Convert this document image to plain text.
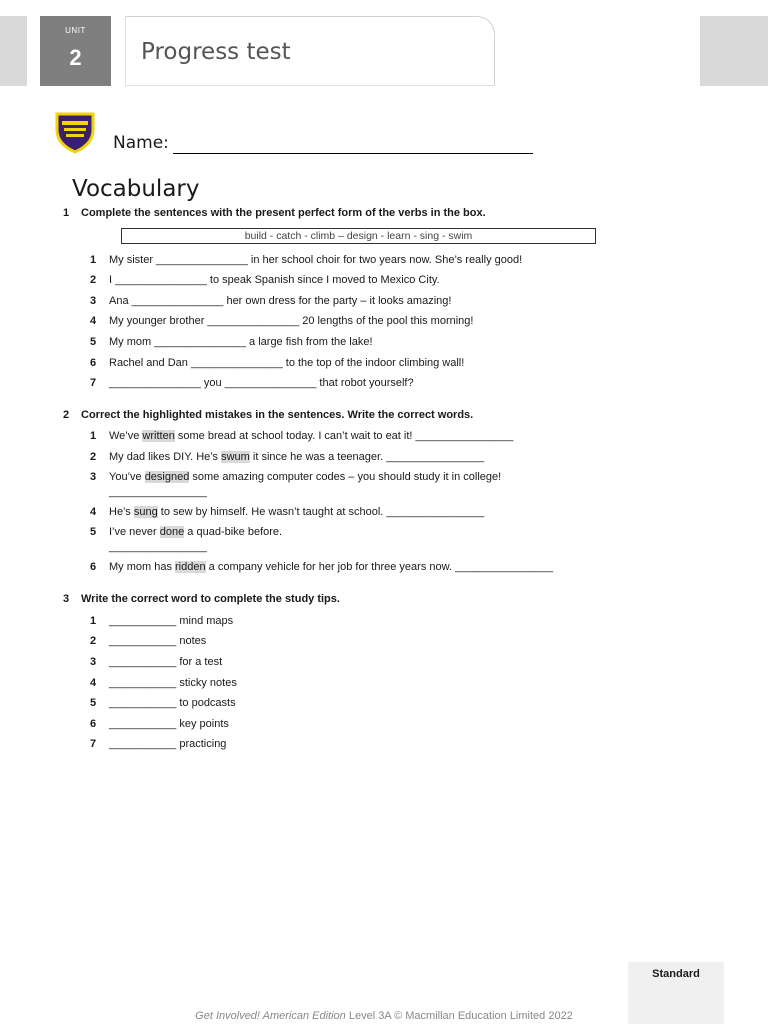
UNIT
2	Progress test
Name:
Vocabulary
1 Complete the sentences with the present perfect form of the verbs in the box.
build - catch - climb – design - learn - sing - swim
1 My sister _______________ in her school choir for two years now. She’s really good!
2 I _______________ to speak Spanish since I moved to Mexico City.
3 Ana _______________ her own dress for the party – it looks amazing!
4 My younger brother _______________ 20 lengths of the pool this morning!
5 My mom _______________ a large fish from the lake!
6 Rachel and Dan _______________ to the top of the indoor climbing wall!
7 _______________ you _______________ that robot yourself?
2 Correct the highlighted mistakes in the sentences. Write the correct words.
1 We’ve written some bread at school today. I can’t wait to eat it! ________________
2 My dad likes DIY. He’s swum it since he was a teenager. ________________
3 You’ve designed some amazing computer codes – you should study it in college!
________________
4 He’s sung to sew by himself. He wasn’t taught at school. ________________
5 I’ve never done a quad-bike before.
________________
6 My mom has ridden a company vehicle for her job for three years now. ________________
3 Write the correct word to complete the study tips.
1 ___________ mind maps
2 ___________ notes
3 ___________ for a test
4 ___________ sticky notes
5 ___________ to podcasts
6 ___________ key points
7 ___________ practicing
Standard
Get Involved! American Edition Level 3A © Macmillan Education Limited 2022
